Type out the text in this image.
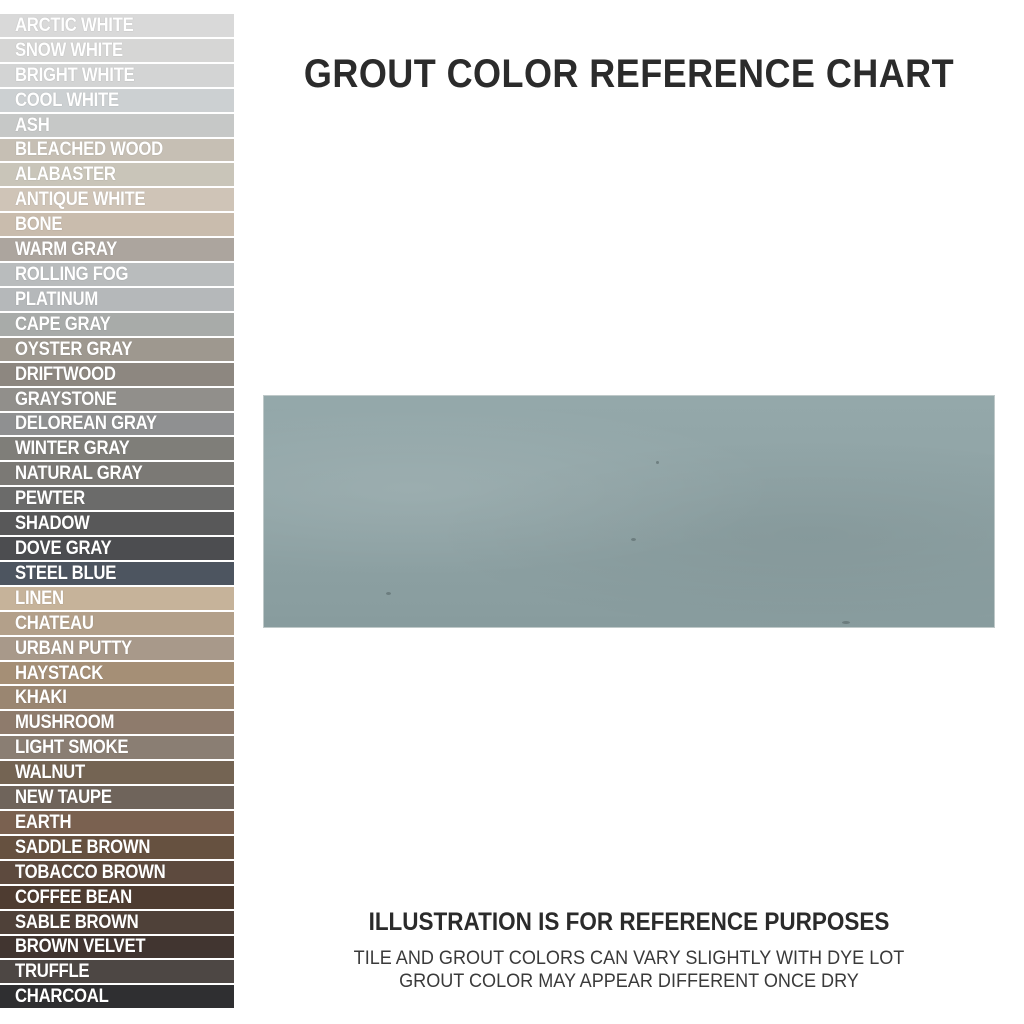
ARCTIC WHITE
SNOW WHITE
BRIGHT WHITE
COOL WHITE
ASH
BLEACHED WOOD
ALABASTER
ANTIQUE WHITE
BONE
WARM GRAY
ROLLING FOG
PLATINUM
CAPE GRAY
OYSTER GRAY
DRIFTWOOD
GRAYSTONE
DELOREAN GRAY
WINTER GRAY
NATURAL GRAY
PEWTER
SHADOW
DOVE GRAY
STEEL BLUE
LINEN
CHATEAU
URBAN PUTTY
HAYSTACK
KHAKI
MUSHROOM
LIGHT SMOKE
WALNUT
NEW TAUPE
EARTH
SADDLE BROWN
TOBACCO BROWN
COFFEE BEAN
SABLE BROWN
BROWN VELVET
TRUFFLE
CHARCOAL
GROUT COLOR REFERENCE CHART
ILLUSTRATION IS FOR REFERENCE PURPOSES

TILE AND GROUT COLORS CAN VARY SLIGHTLY WITH DYE LOT

GROUT COLOR MAY APPEAR DIFFERENT ONCE DRY
